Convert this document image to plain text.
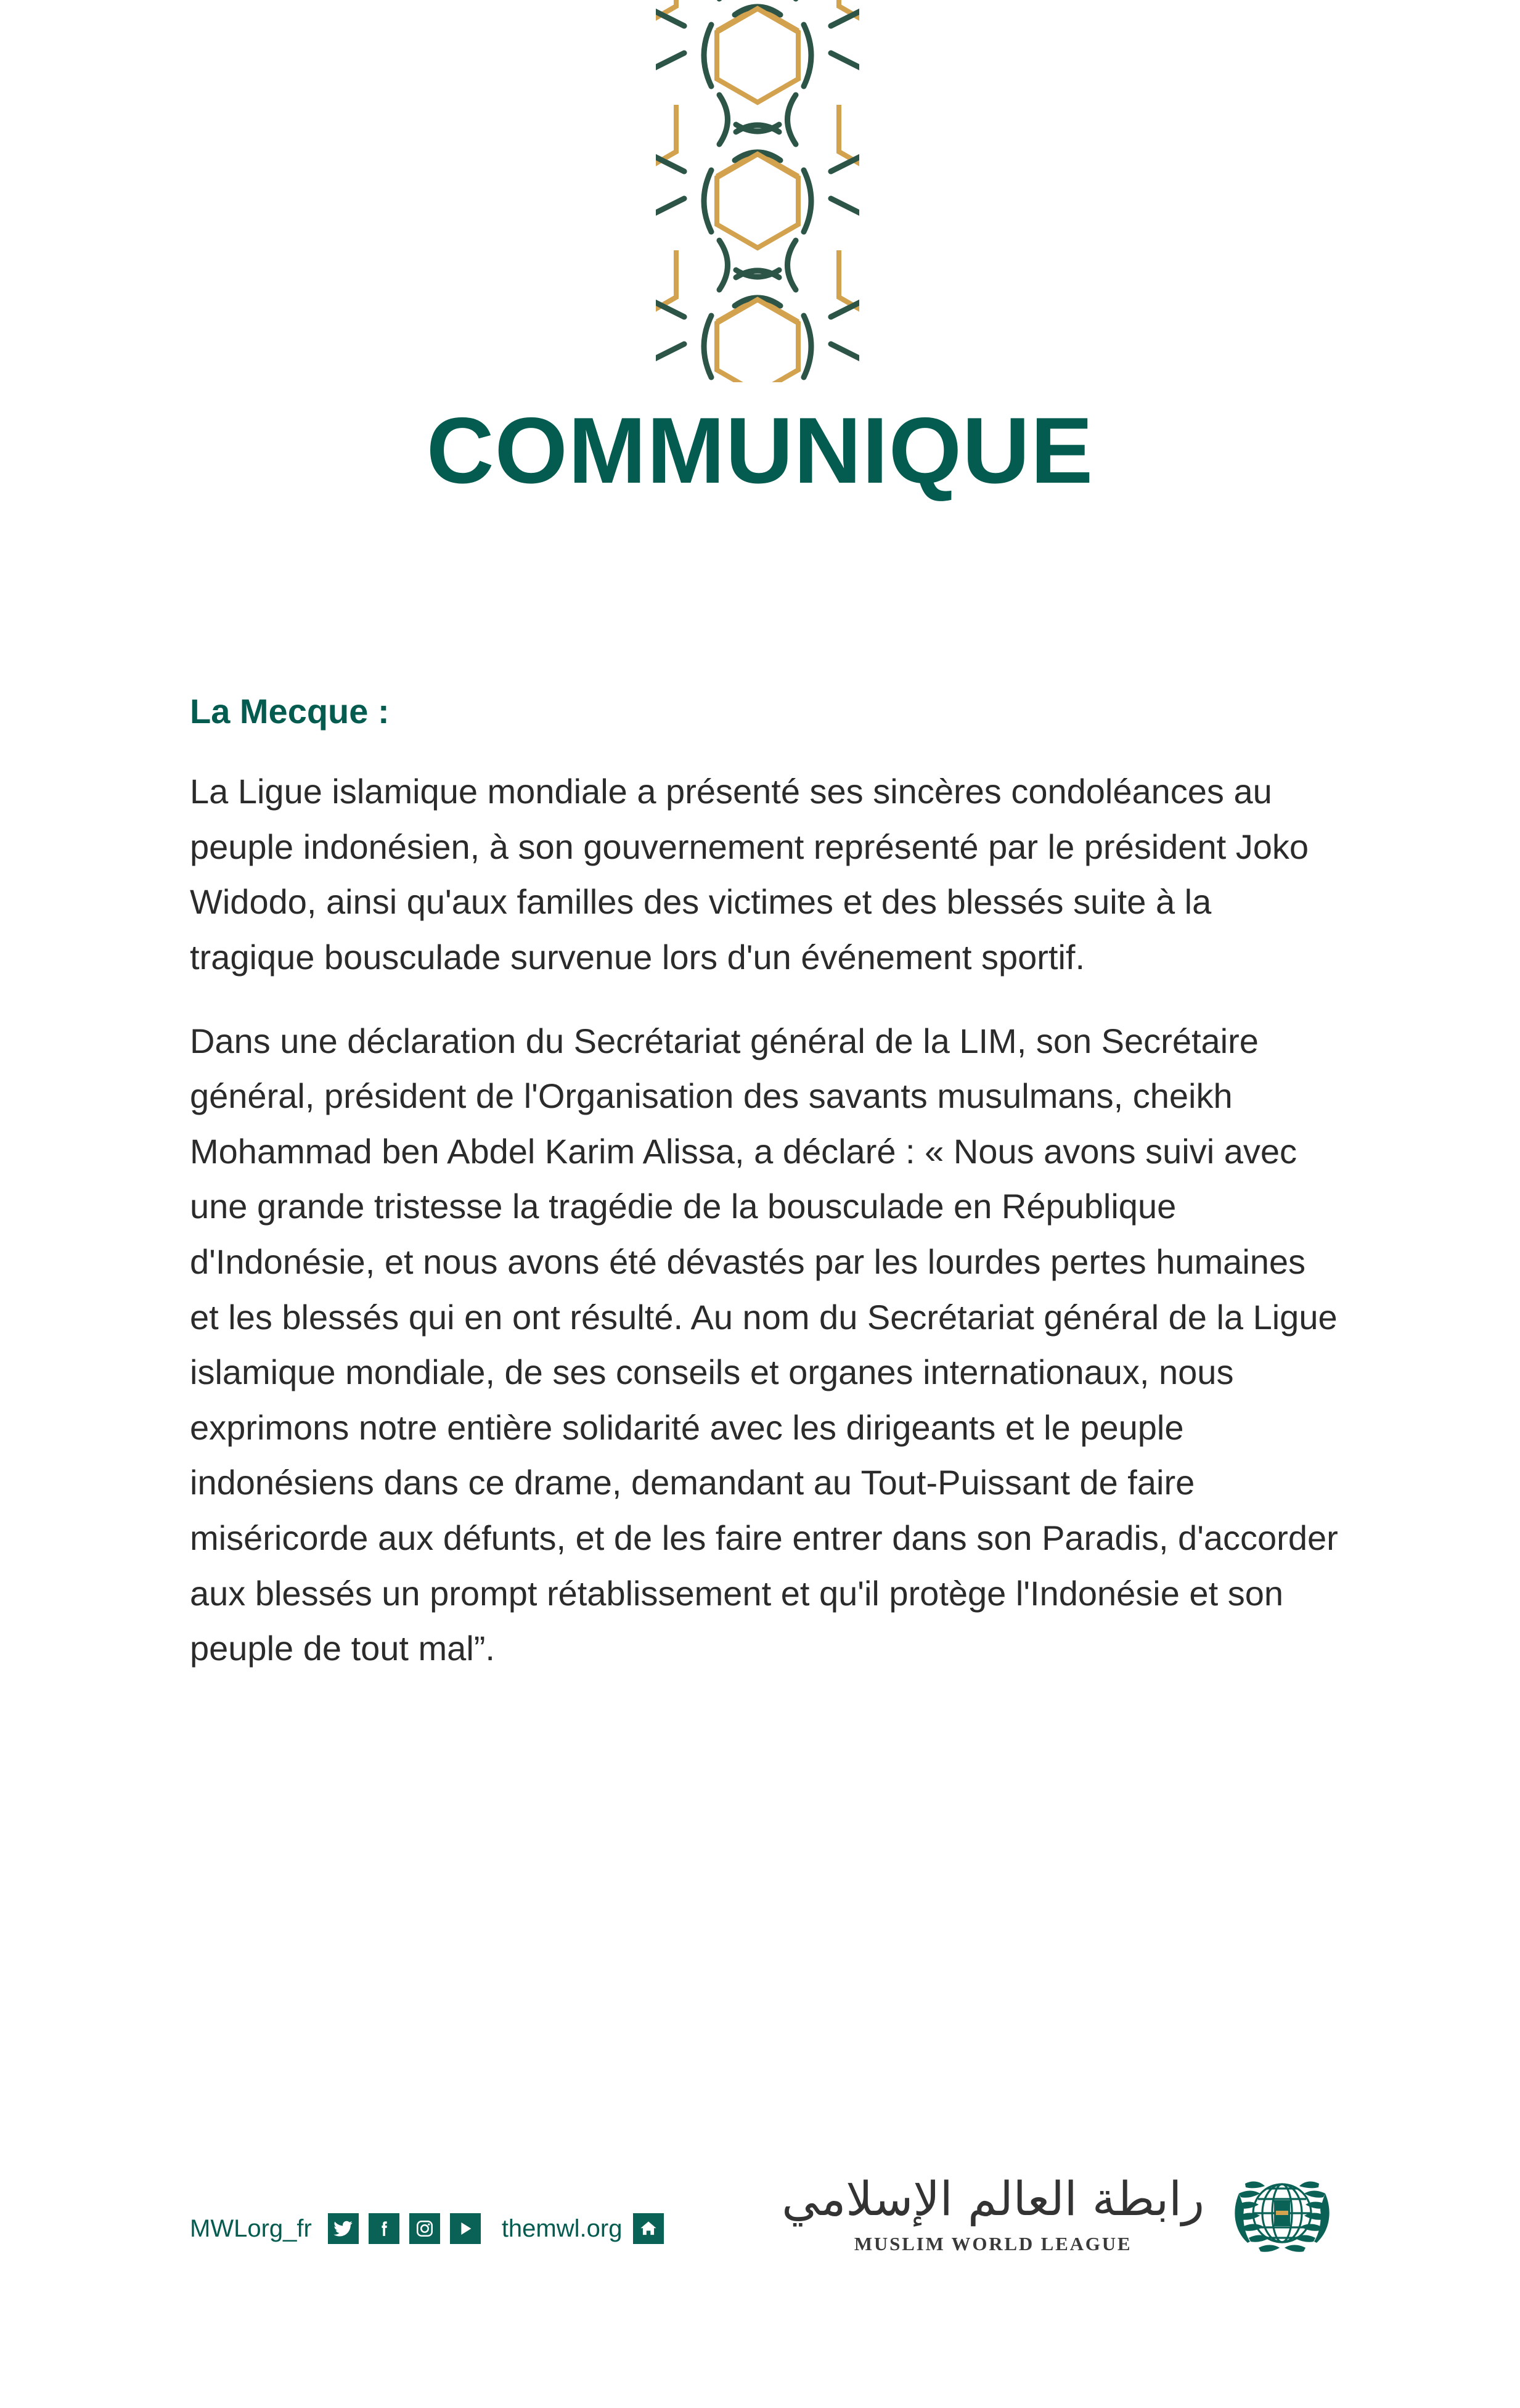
COMMUNIQUE

La Mecque :

La Ligue islamique mondiale a présenté ses sincères condoléances au peuple indonésien, à son gouvernement représenté par le président Joko Widodo, ainsi qu'aux familles des victimes et des blessés suite à la tragique bousculade survenue lors d'un événement sportif.

Dans une déclaration du Secrétariat général de la LIM, son Secrétaire général, président de l'Organisation des savants musulmans, cheikh Mohammad ben Abdel Karim Alissa, a déclaré : « Nous avons suivi avec une grande tristesse la tragédie de la bousculade en République d'Indonésie, et nous avons été dévastés par les lourdes pertes humaines et les blessés qui en ont résulté. Au nom du Secrétariat général de la Ligue islamique mondiale, de ses conseils et organes internationaux, nous exprimons notre entière solidarité avec les dirigeants et le peuple indonésiens dans ce drame, demandant au Tout-Puissant de faire miséricorde aux défunts, et de les faire entrer dans son Paradis, d'accorder aux blessés un prompt rétablissement et qu'il protège l'Indonésie et son peuple de tout mal”.

MWLorg_fr	themwl.org
رابطة العالم الإسلامي
MUSLIM WORLD LEAGUE
